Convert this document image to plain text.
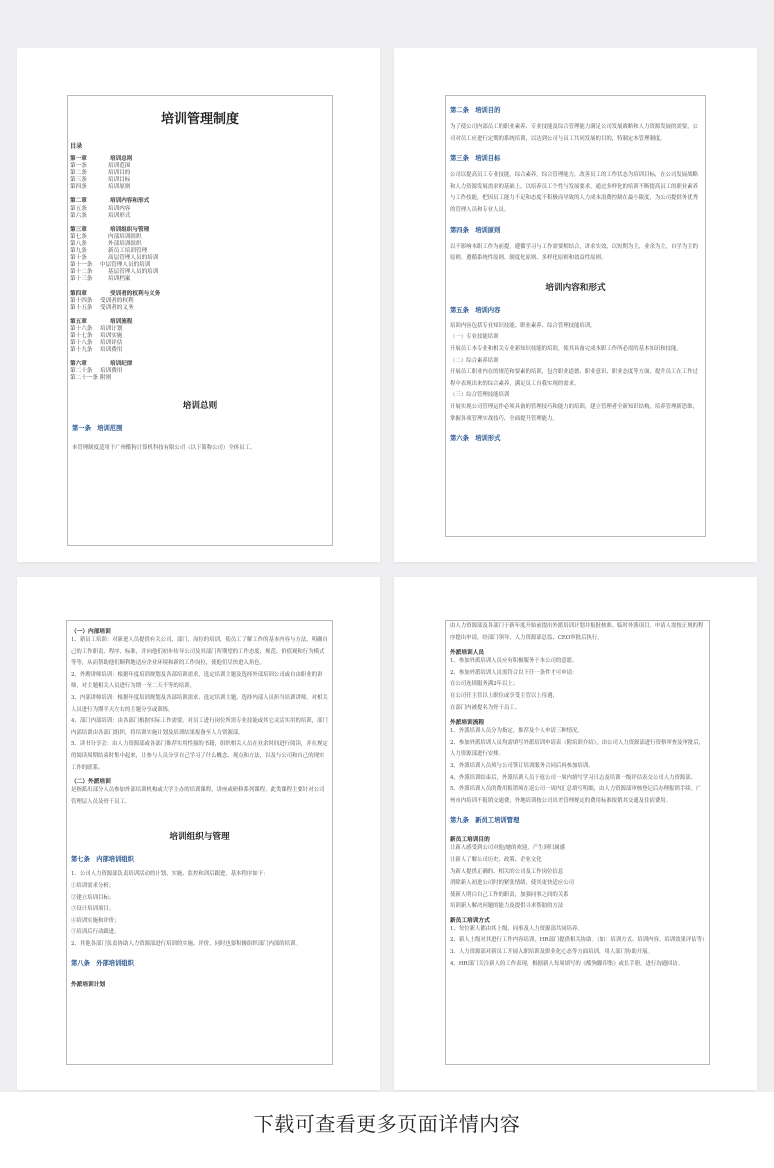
培训管理制度
目录
第一章	培训总则
第一条	培训范围
第二条	培训目的
第三条	培训目标
第四条	培训原则
第二章	培训内容和形式
第五条	培训内容
第六条	培训形式
第三章	培训组织与管理
第七条	内部培训组织
第八条	外部培训组织
第九条	新员工培训管理
第十条	高层管理人员的培训
第十一条	中层管理人员的培训
第十二条	基层管理人员的培训
第十三条	培训档案
第四章	受训者的权利与义务
第十四条	受训者的权利
第十五条	受训者的义务
第五章	培训流程
第十六条	培训计划
第十七条	培训实施
第十八条	培训评估
第十九条	培训费用
第六章	培训纪律
第二十条	培训费用
第二十一条 附则
培训总则
第一条　培训范围
本管理制度适用于广州酷狗计算机科技有限公司（以下简称公司）全体员工。
第二条　培训目的
为了使公司内部员工的职业素养、专业技能及综合管理能力满足公司发展战略和人力资源发展的需要，公司对员工应进行定期的系统培训，以达到公司与员工共同发展的目的，特制定本管理制度。
第三条　培训目标
公司以提高员工专业技能，综合素养，综合管理能力，改善员工的工作状态为培训目标，在公司发展战略和人力资源发展需求的基础上，以培养员工个性与发展要求，通过多样化的培训不断提高员工的职业素养与工作技能，把因员工能力不足和态度不积极而导致的人力成本浪费控制在最小限度，为公司提供务优秀的管理人员和专业人员。
第四条　培训原则
以不影响本职工作为前提，遵循学习与工作需要相结合，讲求实效，以短期为主，业余为主，自学为主的原则。遵循系统性原则、制度化原则、多样化原则和效益性原则。
培训内容和形式
第五条　培训内容
培训内容包括专业知识技能、职业素养、综合管理技能培训。
（一）专业技能培训
开展员工本专业和相关专业新知识技能的培训，使其具备完成本职工作所必需的基本知识和技能。
（二）综合素养培训
开展员工职业内在的规范和要素的培训，包含职业道德、职业意识、职业态度等方面，提升员工在工作过程中表现出来的综合素养，满足员工自我实现的需求。
（三）综合管理技能培训
开展实现公司管理运作必须具备的管理技巧和能力的培训，建立管理者全新知识结构，培养管理新思维，掌握各项管理实战技巧，全面提升管理能力。
第六条　培训形式
（一）内部培训
1、新员工培训：对新进人员提供有关公司、部门、岗位的培训，使员工了解工作的基本内容与方法，明确自己的工作职责、程序、标准，并向他们初步传导公司及其部门所期望的工作态度、规范、价值观和行为模式等等，从而帮助他们顺利地适应企业环境和新的工作岗位，使他们尽快进入角色。
2、外聘讲师培训：根据年度培训规划及各部培训需求，选定培训主题及选择外部培训公司或自由职业的讲师，对主题相关人员进行为期一至二天不等的培训。
3、内部讲师培训：根据年度培训规划及各部培训需求，选定培训主题，选择内部人员担当培训讲师，对相关人员进行为期半天左右的主题分享或训练。
4、部门内部培训：由各部门根据实际工作需要，对员工进行岗位所需专业技能或其它灵活实用的培训，部门内部培训由各部门组织，将培训实施计划及培训结果报备至人力资源部。
5、读书分享会：由人力资源部或各部门推荐实用性强的书籍，组织相关人员在业余时间进行阅读，并在规定的阅读周期结束时集中起来，让参与人员分享自己学习了什么概念、观点和方法，以及与公司和自己的现实工作的联系。
（二）外派培训
是指派出部分人员参加外部培训机构或大学主办的培训课程、讲座或研修系列课程。此类课程主要针对公司管理层人员及骨干员工。
培训组织与管理
第七条　内部培训组织
1、公司人力资源部负责培训活动的计划、实施、监控和训后跟进，基本程序如下：
①培训需求分析；
②建立培训目标；
③设计培训项目；
④培训实施和评价；
⑤培训后行动跟进。
2、其他各部门负责协助人力资源部进行培训的实施、评价，同时也要积极组织部门内部的培训。
第八条　外部培训组织
外派培训计划
由人力资源部及各部门于新年度开始前提出外派培训计划并报批核准。临时外派项目，申请人需按正规的程序提出申请，经部门领导、人力资源部总监、CEO审批后执行。
外派培训人员
1、参加外派培训人员应有积极服务于本公司的意愿。
2、参加外派培训人员需符合以下任一条件才可申请：
在公司连续服务满2年以上；
在公司任主管以上职位或享受主管以上待遇；
在部门内被提名为骨干员工。
外派培训流程
1、外派培训人员分为指定、推荐及个人申请三种情况。
2、参加外派培训人员均需填写外派培训申请表（附培训介绍），由公司人力资源部进行资格审查及审批后，人力资源部进行安排。
3、外派培训人员须与公司签订培训服务合同后再参加培训。
4、外派培训结束后，外派培训人员于返公司一周内填写学习日志及培训一级评估表交公司人力资源部。
5、外派培训人员的费用报销须在返公司一周内汇总填写明细，由人力资源部审核登记后办理报销手续。广州市内培训不报销交通费，外地培训按公司出差管理规定的费用标准报销其交通及住宿费用。
第九条　新员工培训管理
新员工培训目的
让新人感受到公司对他/她的欢迎，产生到归属感
让新人了解公司历史、政策、企业文化
为新人提供正确的、相关的公司及工作岗位信息
消除新人初进公司时的紧张情绪，使其更快适应公司
使新人明白自己工作的职责，加强同事之间的关系
培训新人解决问题的能力及提供寻求帮助的方法
新员工培训方式
1、每位新人都由其上级、同事及人力资源部共同培养。
2、新人上级对其进行工作内容培训，HR部门提供相关协助。（如：培训方式、培训内容、培训效果评估等）
3、人力资源部对新员工开展入职培训及职业化心态等方面培训，用人部门协助开展。
4、HR部门关注新人的工作表现，根据新人每周填写的《酷狗脚印集》或长手册，进行沟通回访。
下载可查看更多页面详情内容
